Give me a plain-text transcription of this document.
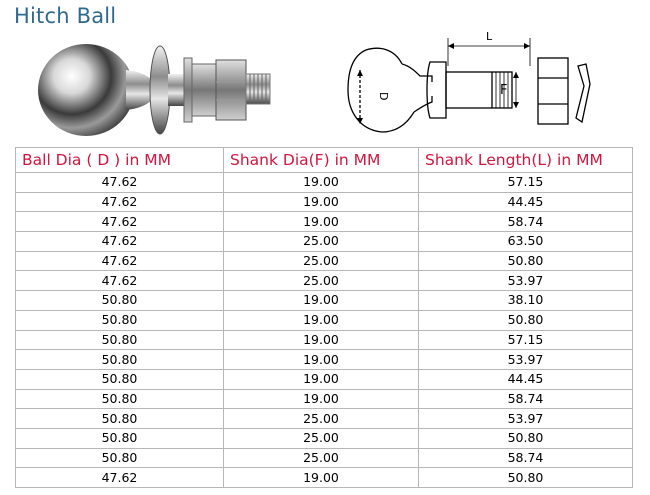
Hitch Ball
L
D	F
Ball Dia ( D ) in MM	Shank Dia(F) in MM	Shank Length(L) in MM
47.62	19.00	57.15
47.62	19.00	44.45
47.62	19.00	58.74
47.62	25.00	63.50
47.62	25.00	50.80
47.62	25.00	53.97
50.80	19.00	38.10
50.80	19.00	50.80
50.80	19.00	57.15
50.80	19.00	53.97
50.80	19.00	44.45
50.80	19.00	58.74
50.80	25.00	53.97
50.80	25.00	50.80
50.80	25.00	58.74
47.62	19.00	50.80
